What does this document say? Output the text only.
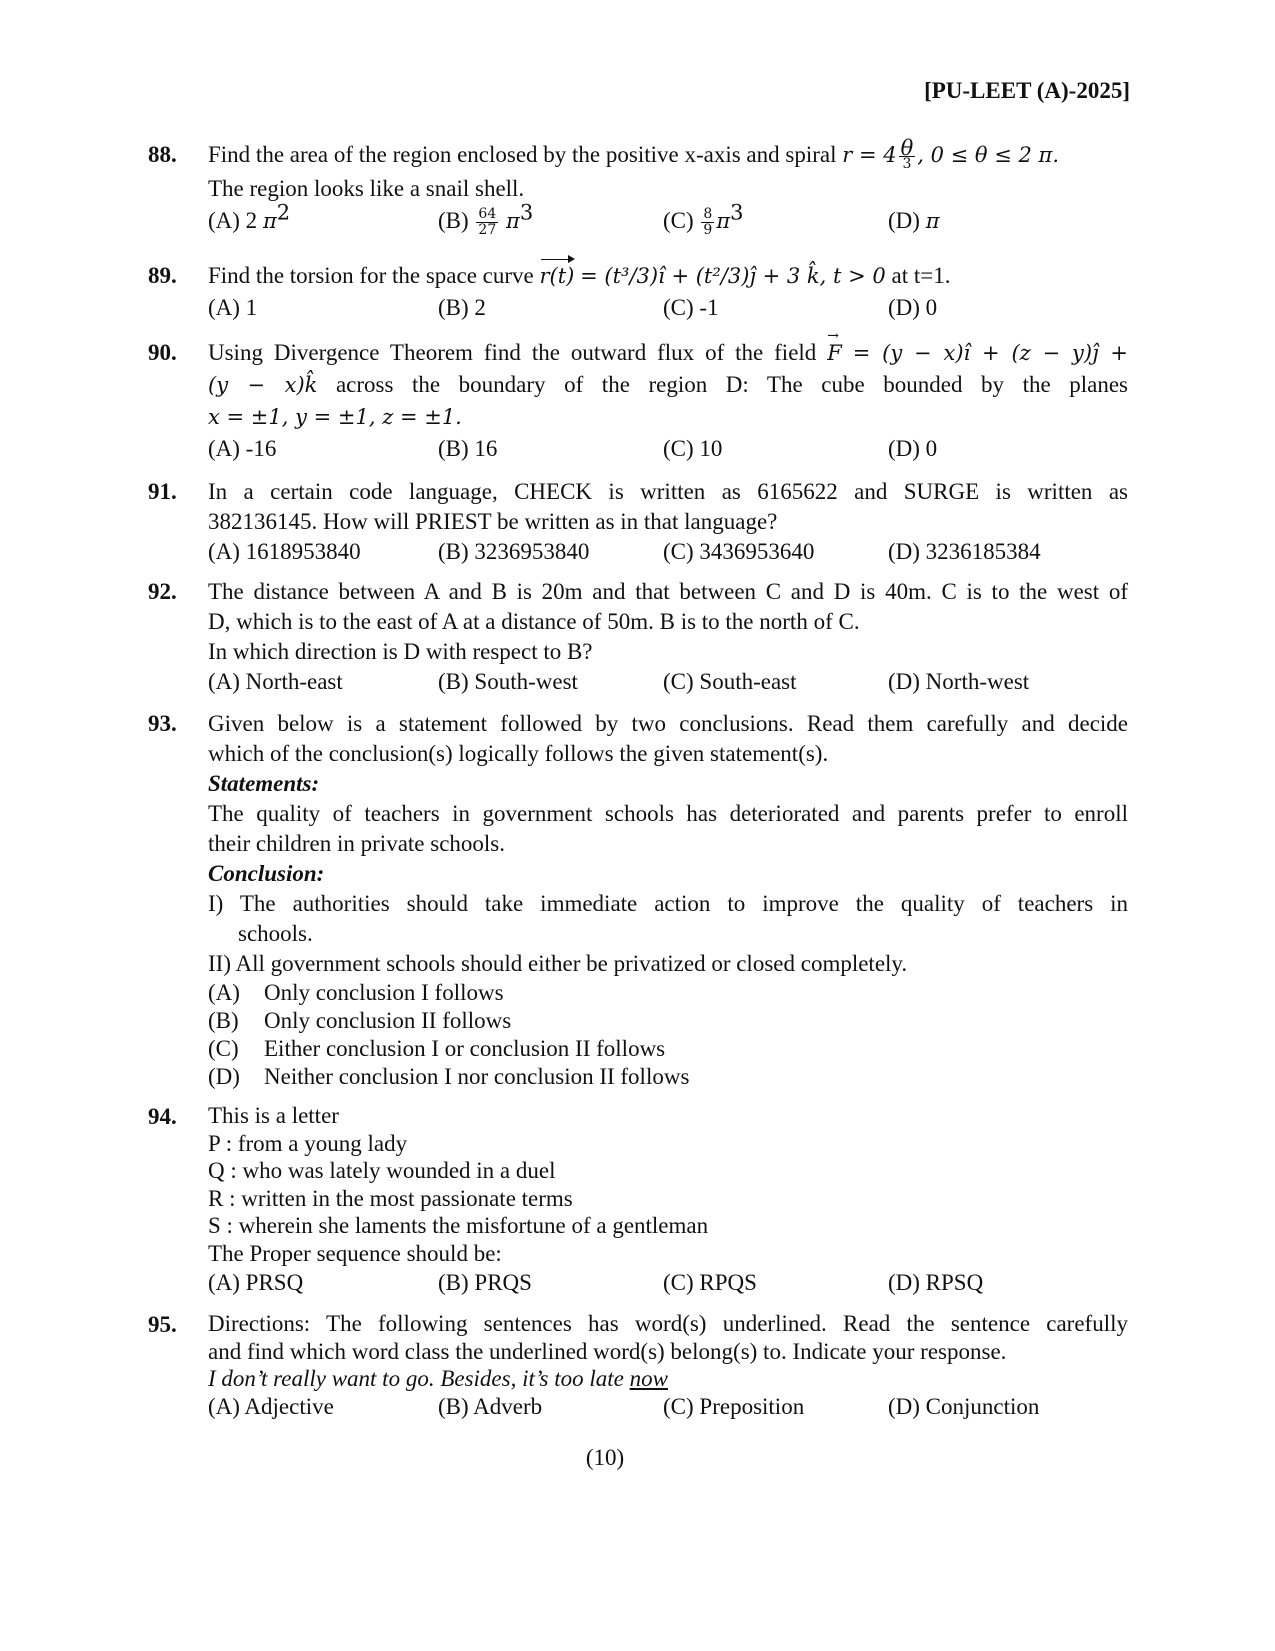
[PU-LEET (A)-2025]
88.	Find the area of the region enclosed by the positive x-axis and spiral $r = 4 \frac{\theta}{3}$ , 0 ≤ θ ≤ 2 π.
The region looks like a snail shell.
(A) 2 $\pi^2$	$(B) \frac{64}{27} \pi^3$	$(C) \frac{8}{9} \pi^3$	(D) π
89.	Find the torsion for the space curve r(t) = (t³/3)î + (t²/3)ĵ + 3 k̂, t > 0 at t=1.
(A) 1	(B) 2	(C) -1	(D) 0
90.	Using Divergence Theorem find the outward flux of the field → F = (y − x)î + (z − y)ĵ +
(y − x)k̂ across the boundary of the region D: The cube bounded by the planes
x = ±1, y = ±1, z = ±1.
(A) -16	(B) 16	(C) 10	(D) 0
91.	In a certain code language, CHECK is written as 6165622 and SURGE is written as
382136145. How will PRIEST be written as in that language?
(A) 1618953840	(B) 3236953840	(C) 3436953640	(D) 3236185384
92.	The distance between A and B is 20m and that between C and D is 40m. C is to the west of
D, which is to the east of A at a distance of 50m. B is to the north of C.
In which direction is D with respect to B?
(A) North-east	(B) South-west	(C) South-east	(D) North-west
93.	Given below is a statement followed by two conclusions. Read them carefully and decide
which of the conclusion(s) logically follows the given statement(s).
Statements:
The quality of teachers in government schools has deteriorated and parents prefer to enroll
their children in private schools.
Conclusion:
I) The authorities should take immediate action to improve the quality of teachers in
schools.
II) All government schools should either be privatized or closed completely.
(A) Only conclusion I follows
(B) Only conclusion II follows
(C) Either conclusion I or conclusion II follows
(D) Neither conclusion I nor conclusion II follows
94.	This is a letter
P : from a young lady
Q : who was lately wounded in a duel
R : written in the most passionate terms
S : wherein she laments the misfortune of a gentleman
The Proper sequence should be:
(A) PRSQ	(B) PRQS	(C) RPQS	(D) RPSQ
95.	Directions: The following sentences has word(s) underlined. Read the sentence carefully
and find which word class the underlined word(s) belong(s) to. Indicate your response.
I don’t really want to go. Besides, it’s too late now
(A) Adjective	(B) Adverb	(C) Preposition	(D) Conjunction
(10)
